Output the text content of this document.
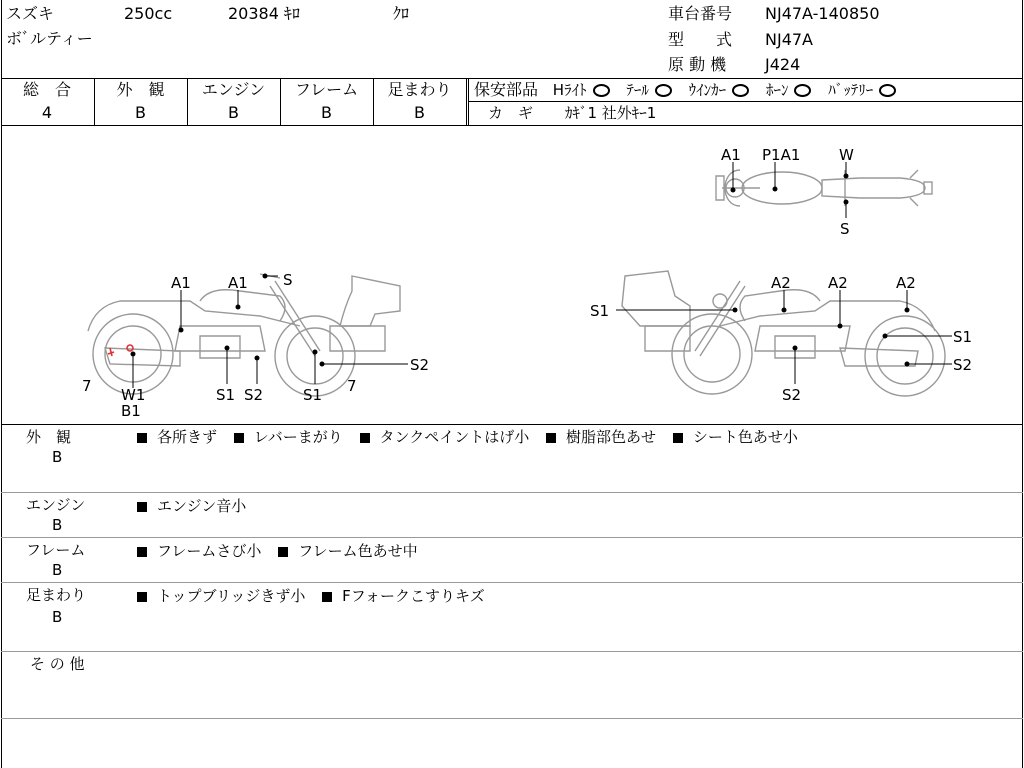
スズキ	250cc	20384 ｷﾛ	ｸﾛ
ボﾞルティー
車台番号 NJ47A-140850
型　　式 NJ47A
原 動 機 J424
総　合
4
外　観
B
エンジン
B
フレーム
B
足まわり
B
保安部品 Hﾗｲﾄ	ﾃｰﾙ	ｳｲﾝｶｰ	ﾎｰﾝ	ﾊﾞｯﾃﾘｰ
カ　ギ ｶｷﾞ1 社外ｷｰ1
A1 P1A1	W
S
A1 A1 S
7 W1
B1
S1 S2	S1 7
S2
S1
A2 A2	A2
S1
S2
S2
外　観
B
各所きず レバーまがり タンクペイントはげ小 樹脂部色あせ シート色あせ小
エンジン
B
エンジン音小
フレーム
B
フレームさび小 フレーム色あせ中
足まわり
B
トップブリッジきず小 Fフォークこすりキズ
そ の 他
